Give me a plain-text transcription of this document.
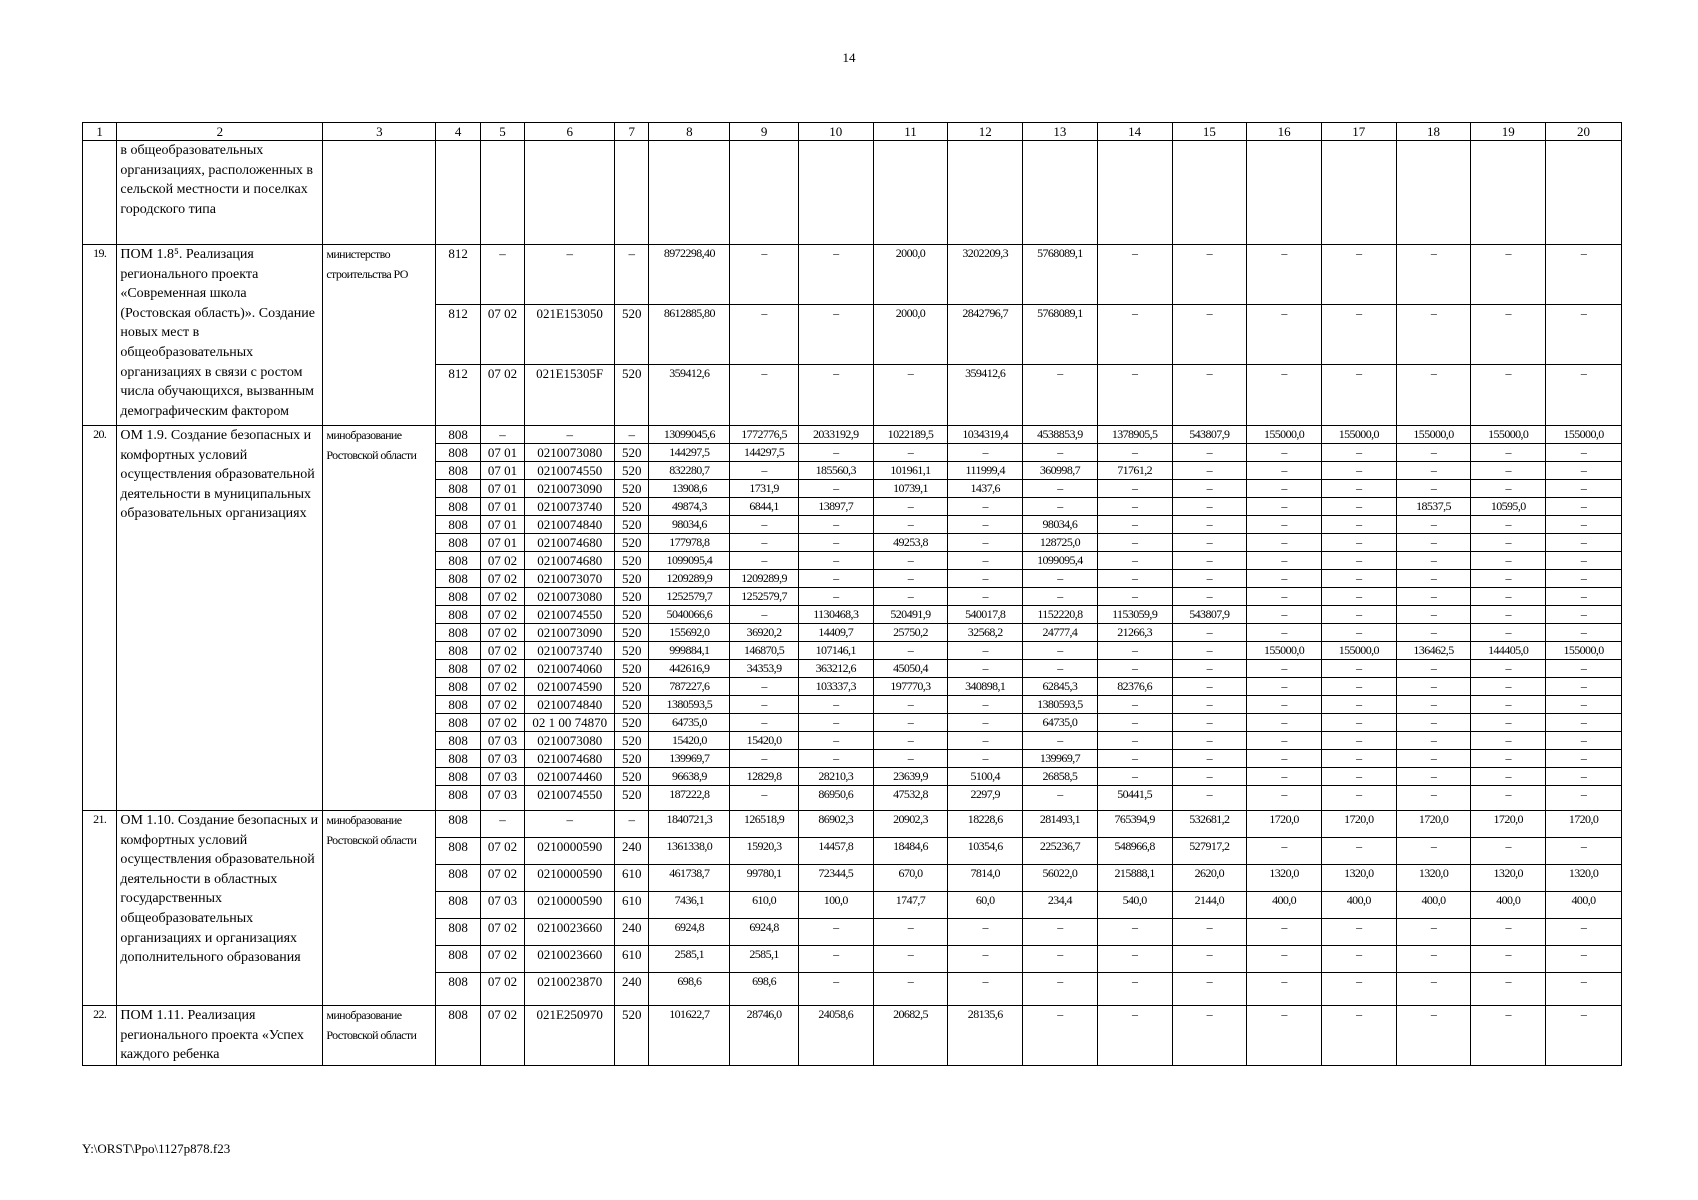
14
1	2	3	4	5	6	7	8	9	10	11	12	13	14	15	16	17	18	19	20
	в общеобразовательных организациях, расположенных в сельской местности и поселках городского типа																		
19.	ПОМ 1.8⁵. Реализация регионального проекта «Современная школа (Ростовская область)». Создание новых мест в общеобразовательных организациях в связи с ростом числа обучающихся, вызванным демографическим фактором	министерство строительства РО	812	–	–	–	8972298,40	–	–	2000,0	3202209,3	5768089,1	–	–	–	–	–	–	–
			812	07 02	021E153050	520	8612885,80	–	–	2000,0	2842796,7	5768089,1	–	–	–	–	–	–	–
			812	07 02	021E15305F	520	359412,6	–	–	–	359412,6	–	–	–	–	–	–	–	–
20.	ОМ 1.9. Создание безопасных и комфортных условий осуществления образовательной деятельности в муниципальных образовательных организациях	минобразование Ростовской области	808	–	–	–	13099045,6	1772776,5	2033192,9	1022189,5	1034319,4	4538853,9	1378905,5	543807,9	155000,0	155000,0	155000,0	155000,0	155000,0
			808	07 01	0210073080	520	144297,5	144297,5	–	–	–	–	–	–	–	–	–	–	–
			808	07 01	0210074550	520	832280,7	–	185560,3	101961,1	111999,4	360998,7	71761,2	–	–	–	–	–	–
			808	07 01	0210073090	520	13908,6	1731,9	–	10739,1	1437,6	–	–	–	–	–	–	–	–
			808	07 01	0210073740	520	49874,3	6844,1	13897,7	–	–	–	–	–	–	–	18537,5	10595,0	–
			808	07 01	0210074840	520	98034,6	–	–	–	–	98034,6	–	–	–	–	–	–	–
			808	07 01	0210074680	520	177978,8	–	–	49253,8	–	128725,0	–	–	–	–	–	–	–
			808	07 02	0210074680	520	1099095,4	–	–	–	–	1099095,4	–	–	–	–	–	–	–
			808	07 02	0210073070	520	1209289,9	1209289,9	–	–	–	–	–	–	–	–	–	–	–
			808	07 02	0210073080	520	1252579,7	1252579,7	–	–	–	–	–	–	–	–	–	–	–
			808	07 02	0210074550	520	5040066,6	–	1130468,3	520491,9	540017,8	1152220,8	1153059,9	543807,9	–	–	–	–	–
			808	07 02	0210073090	520	155692,0	36920,2	14409,7	25750,2	32568,2	24777,4	21266,3	–	–	–	–	–	–
			808	07 02	0210073740	520	999884,1	146870,5	107146,1	–	–	–	–	–	155000,0	155000,0	136462,5	144405,0	155000,0
			808	07 02	0210074060	520	442616,9	34353,9	363212,6	45050,4	–	–	–	–	–	–	–	–	–
			808	07 02	0210074590	520	787227,6	–	103337,3	197770,3	340898,1	62845,3	82376,6	–	–	–	–	–	–
			808	07 02	0210074840	520	1380593,5	–	–	–	–	1380593,5	–	–	–	–	–	–	–
			808	07 02	02 1 00 74870	520	64735,0	–	–	–	–	64735,0	–	–	–	–	–	–	–
			808	07 03	0210073080	520	15420,0	15420,0	–	–	–	–	–	–	–	–	–	–	–
			808	07 03	0210074680	520	139969,7	–	–	–	–	139969,7	–	–	–	–	–	–	–
			808	07 03	0210074460	520	96638,9	12829,8	28210,3	23639,9	5100,4	26858,5	–	–	–	–	–	–	–
			808	07 03	0210074550	520	187222,8	–	86950,6	47532,8	2297,9	–	50441,5	–	–	–	–	–	–
21.	ОМ 1.10. Создание безопасных и комфортных условий осуществления образовательной деятельности в областных государственных общеобразовательных организациях и организациях дополнительного образования	минобразование Ростовской области	808	–	–	–	1840721,3	126518,9	86902,3	20902,3	18228,6	281493,1	765394,9	532681,2	1720,0	1720,0	1720,0	1720,0	1720,0
			808	07 02	0210000590	240	1361338,0	15920,3	14457,8	18484,6	10354,6	225236,7	548966,8	527917,2	–	–	–	–	–
			808	07 02	0210000590	610	461738,7	99780,1	72344,5	670,0	7814,0	56022,0	215888,1	2620,0	1320,0	1320,0	1320,0	1320,0	1320,0
			808	07 03	0210000590	610	7436,1	610,0	100,0	1747,7	60,0	234,4	540,0	2144,0	400,0	400,0	400,0	400,0	400,0
			808	07 02	0210023660	240	6924,8	6924,8	–	–	–	–	–	–	–	–	–	–	–
			808	07 02	0210023660	610	2585,1	2585,1	–	–	–	–	–	–	–	–	–	–	–
			808	07 02	0210023870	240	698,6	698,6	–	–	–	–	–	–	–	–	–	–	–
22.	ПОМ 1.11. Реализация регионального проекта «Успех каждого ребенка	минобразование Ростовской области	808	07 02	021E250970	520	101622,7	28746,0	24058,6	20682,5	28135,6	–	–	–	–	–	–	–	–
Y:\ORST\Ppo\1127p878.f23
